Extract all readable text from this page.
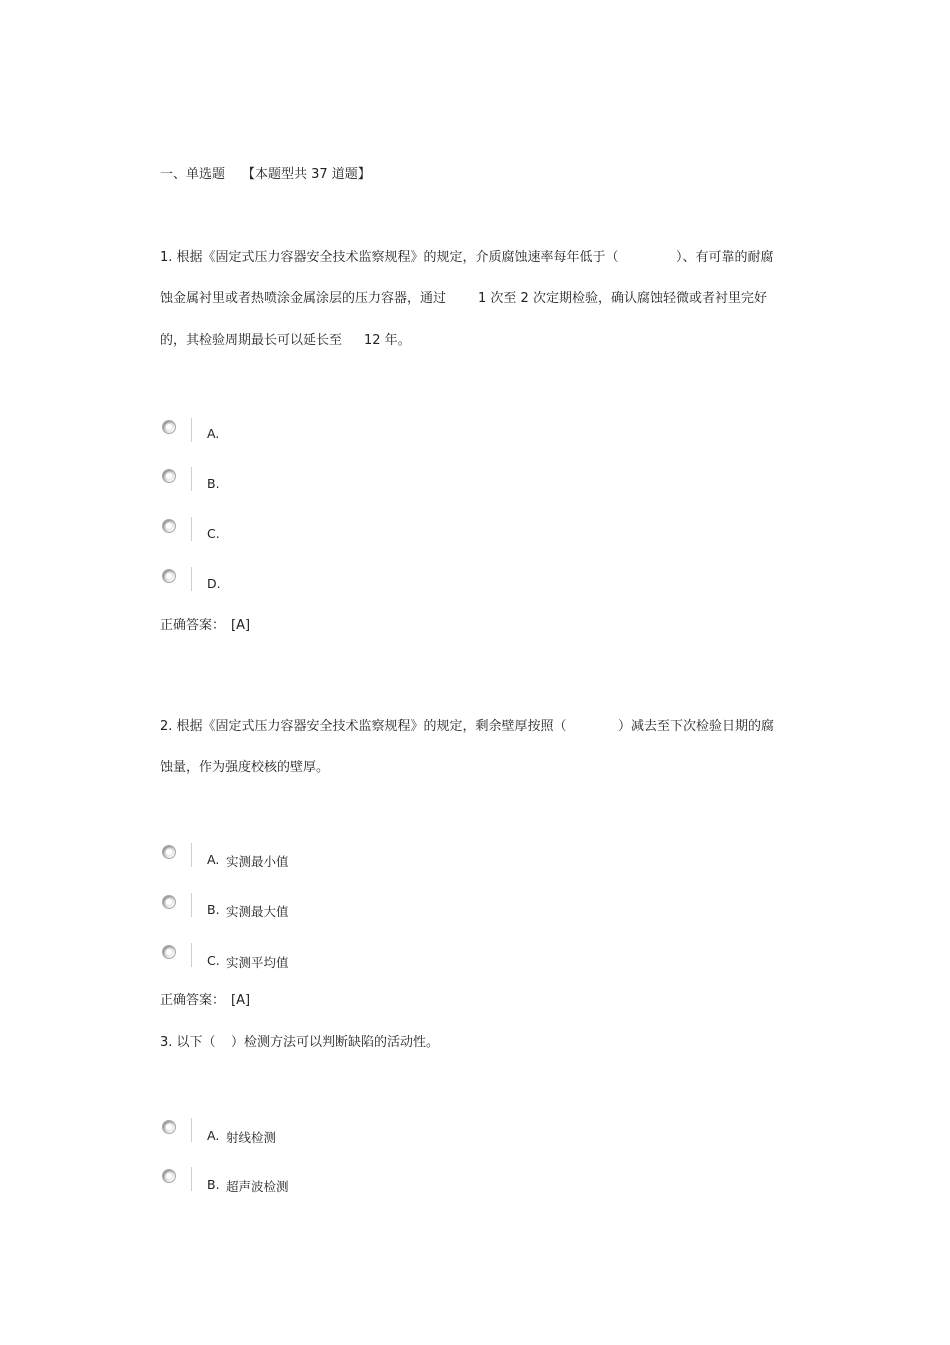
一、单选题 【本题型共 37 道题】
1. 根据《固定式压力容器安全技术监察规程》的规定，介质腐蚀速率每年低于（	）、有可靠的耐腐
蚀金属衬里或者热喷涂金属涂层的压力容器，通过 1 次至 2 次定期检验，确认腐蚀轻微或者衬里完好
的，其检验周期最长可以延长至 12 年。
A.
B.
C.
D.
正确答案： [A]
2. 根据《固定式压力容器安全技术监察规程》的规定，剩余壁厚按照（	）减去至下次检验日期的腐
蚀量，作为强度校核的壁厚。
A. 实测最小值
B. 实测最大值
C. 实测平均值
正确答案： [A]
3. 以下（ ）检测方法可以判断缺陷的活动性。
A. 射线检测
B. 超声波检测
